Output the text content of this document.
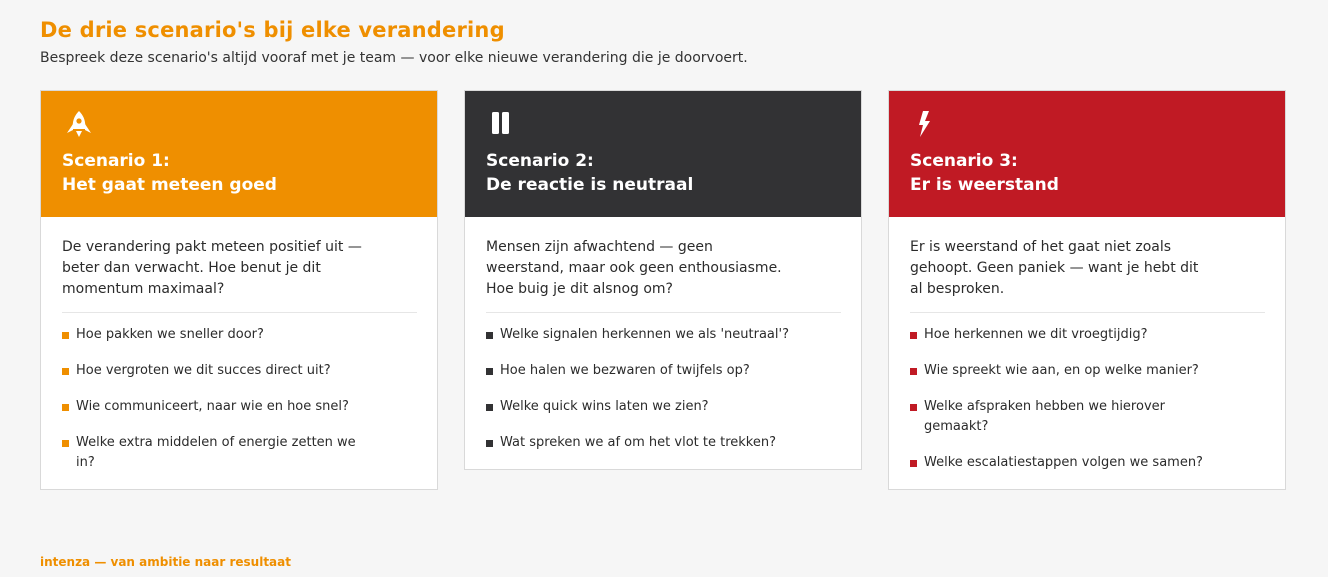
De drie scenario's bij elke verandering
Bespreek deze scenario's altijd vooraf met je team — voor elke nieuwe verandering die je doorvoert.
Scenario 1:
Het gaat meteen goed

De verandering pakt meteen positief uit — beter dan verwacht. Hoe benut je dit momentum maximaal?

Hoe pakken we sneller door?
Hoe vergroten we dit succes direct uit?
Wie communiceert, naar wie en hoe snel?
Welke extra middelen of energie zetten we in?
Scenario 2:
De reactie is neutraal

Mensen zijn afwachtend — geen weerstand, maar ook geen enthousiasme. Hoe buig je dit alsnog om?

Welke signalen herkennen we als 'neutraal'?
Hoe halen we bezwaren of twijfels op?
Welke quick wins laten we zien?
Wat spreken we af om het vlot te trekken?
Scenario 3:
Er is weerstand

Er is weerstand of het gaat niet zoals gehoopt. Geen paniek — want je hebt dit al besproken.

Hoe herkennen we dit vroegtijdig?
Wie spreekt wie aan, en op welke manier?
Welke afspraken hebben we hierover gemaakt?
Welke escalatiestappen volgen we samen?
intenza — van ambitie naar resultaat
